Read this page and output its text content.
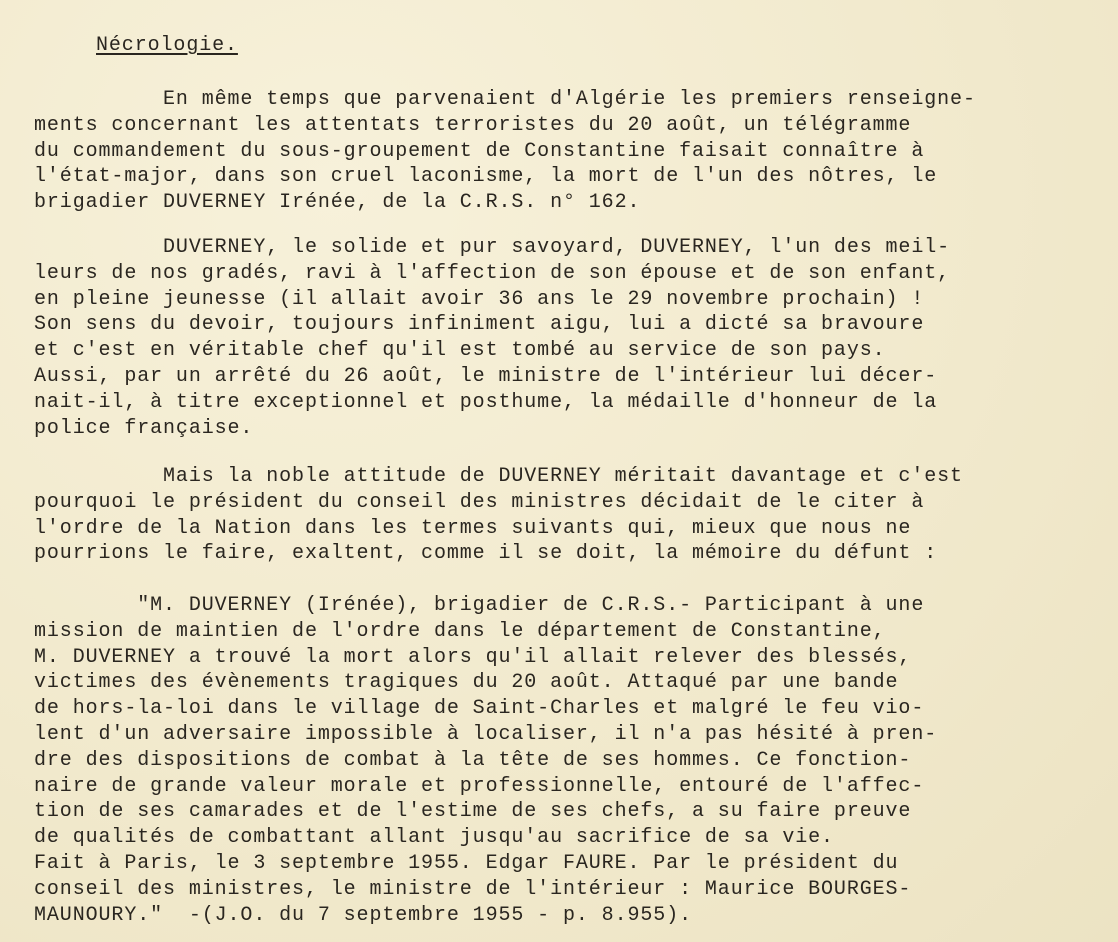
Nécrologie.
En même temps que parvenaient d'Algérie les premiers renseigne-
ments concernant les attentats terroristes du 20 août, un télégramme
du commandement du sous-groupement de Constantine faisait connaître à
l'état-major, dans son cruel laconisme, la mort de l'un des nôtres, le
brigadier DUVERNEY Irénée, de la C.R.S. n° 162.
DUVERNEY, le solide et pur savoyard, DUVERNEY, l'un des meil-
leurs de nos gradés, ravi à l'affection de son épouse et de son enfant,
en pleine jeunesse (il allait avoir 36 ans le 29 novembre prochain) !
Son sens du devoir, toujours infiniment aigu, lui a dicté sa bravoure
et c'est en véritable chef qu'il est tombé au service de son pays.
Aussi, par un arrêté du 26 août, le ministre de l'intérieur lui décer-
nait-il, à titre exceptionnel et posthume, la médaille d'honneur de la
police française.
Mais la noble attitude de DUVERNEY méritait davantage et c'est
pourquoi le président du conseil des ministres décidait de le citer à
l'ordre de la Nation dans les termes suivants qui, mieux que nous ne
pourrions le faire, exaltent, comme il se doit, la mémoire du défunt :
"M. DUVERNEY (Irénée), brigadier de C.R.S.- Participant à une
mission de maintien de l'ordre dans le département de Constantine,
M. DUVERNEY a trouvé la mort alors qu'il allait relever des blessés,
victimes des évènements tragiques du 20 août. Attaqué par une bande
de hors-la-loi dans le village de Saint-Charles et malgré le feu vio-
lent d'un adversaire impossible à localiser, il n'a pas hésité à pren-
dre des dispositions de combat à la tête de ses hommes. Ce fonction-
naire de grande valeur morale et professionnelle, entouré de l'affec-
tion de ses camarades et de l'estime de ses chefs, a su faire preuve
de qualités de combattant allant jusqu'au sacrifice de sa vie.
Fait à Paris, le 3 septembre 1955. Edgar FAURE. Par le président du
conseil des ministres, le ministre de l'intérieur : Maurice BOURGES-
MAUNOURY."  -(J.O. du 7 septembre 1955 - p. 8.955).
